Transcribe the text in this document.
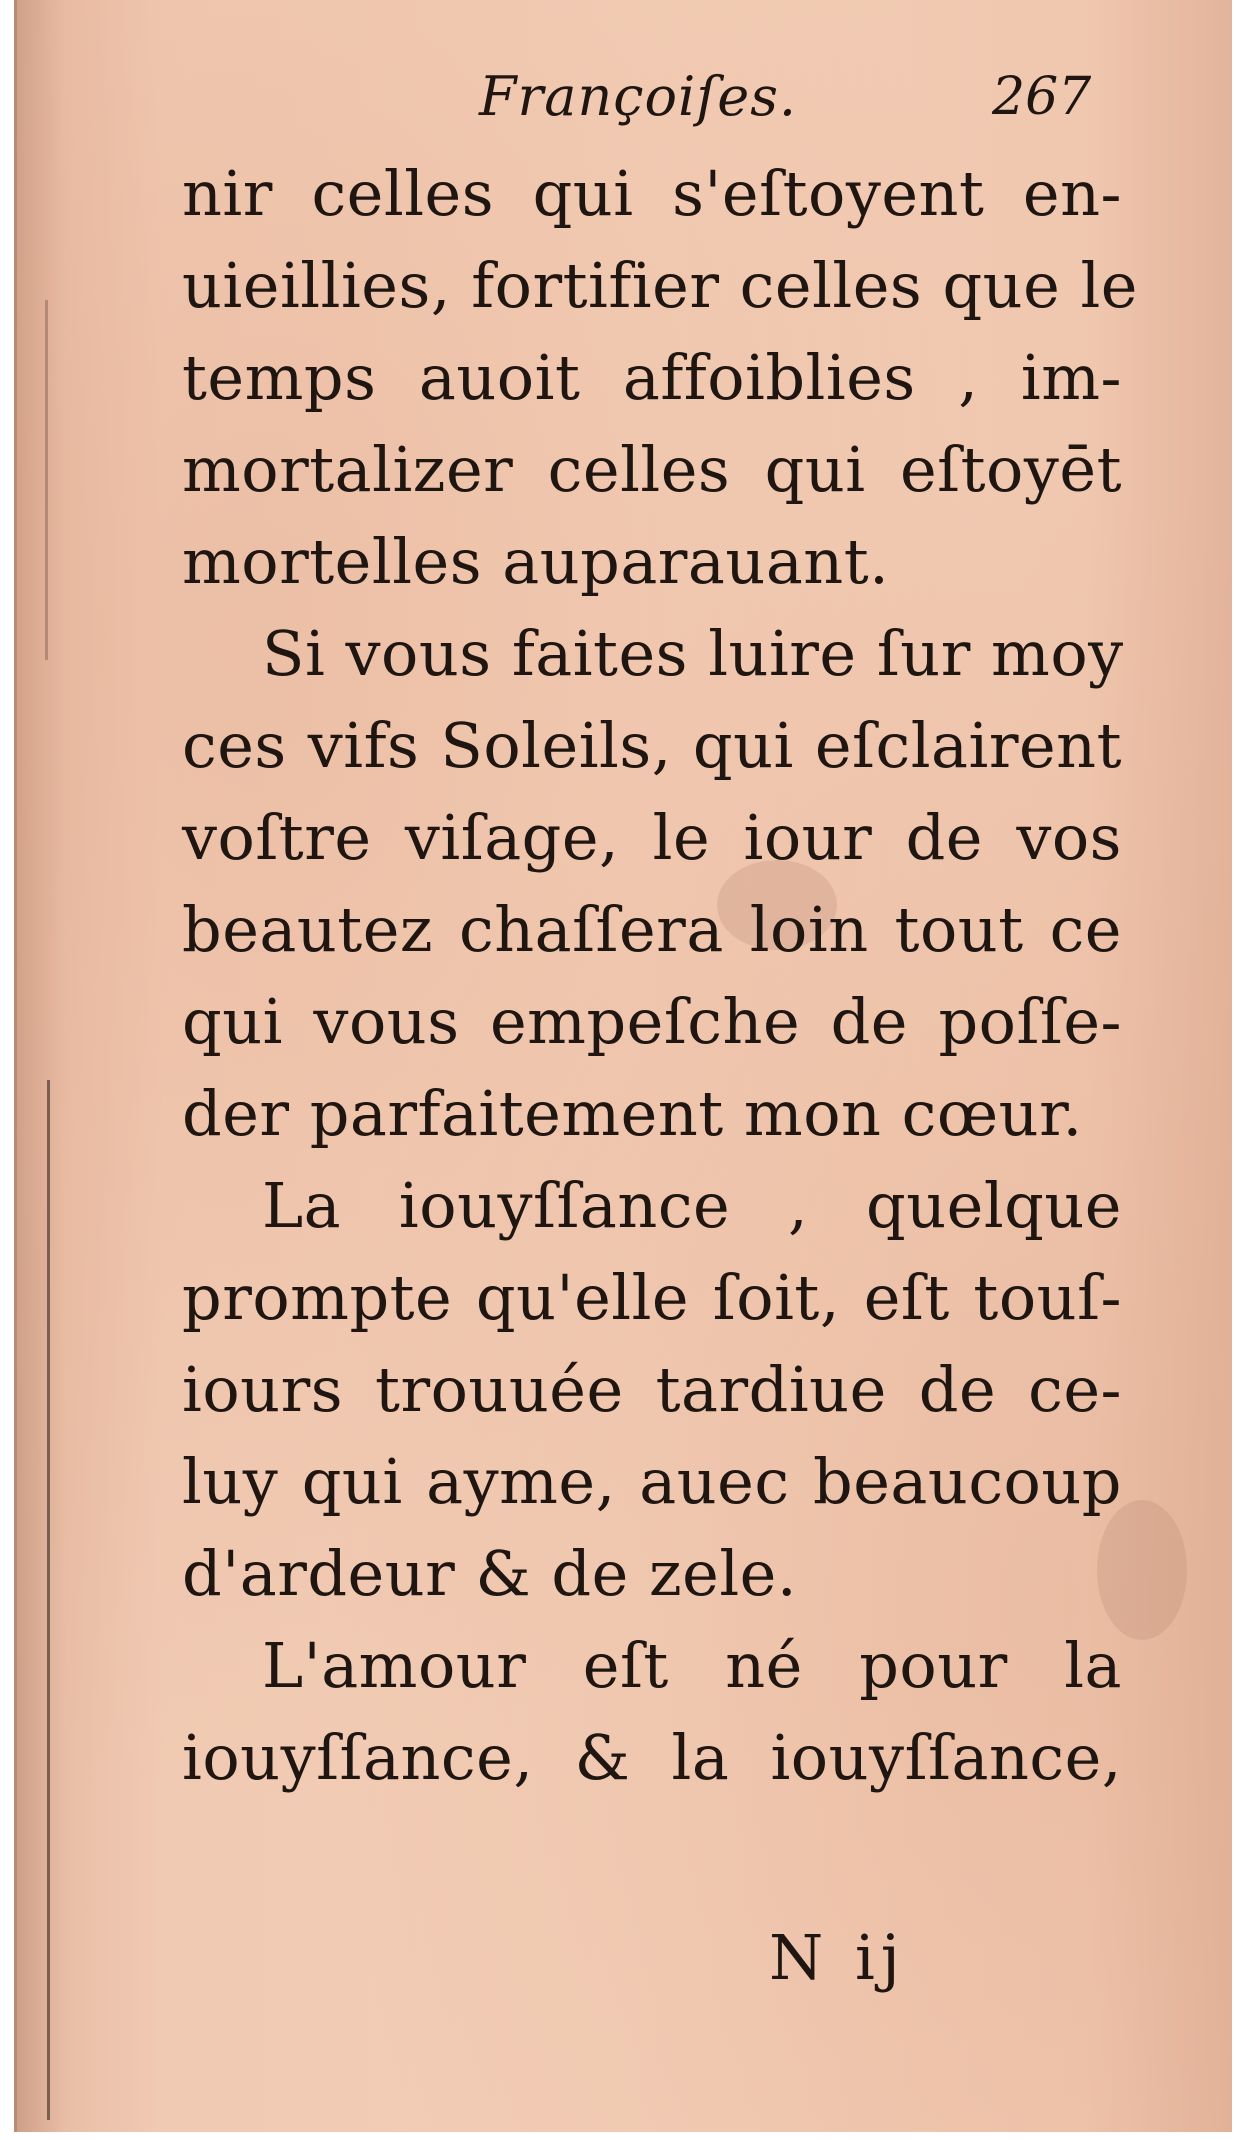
Françoiſes.	267
nir celles qui s'eſtoyent en-
uieillies, fortifier celles que le
temps auoit affoiblies , im-
mortalizer celles qui eſtoyēt
mortelles auparauant.
Si vous faites luire ſur moy
ces vifs Soleils, qui eſclairent
voſtre viſage, le iour de vos
beautez chaſſera loin tout ce
qui vous empeſche de poſſe-
der parfaitement mon cœur.
La iouyſſance , quelque
prompte qu'elle ſoit, eſt touſ-
iours trouuée tardiue de ce-
luy qui ayme, auec beaucoup
d'ardeur & de zele.
L'amour eſt né pour la
iouyſſance, & la iouyſſance,
N ij
